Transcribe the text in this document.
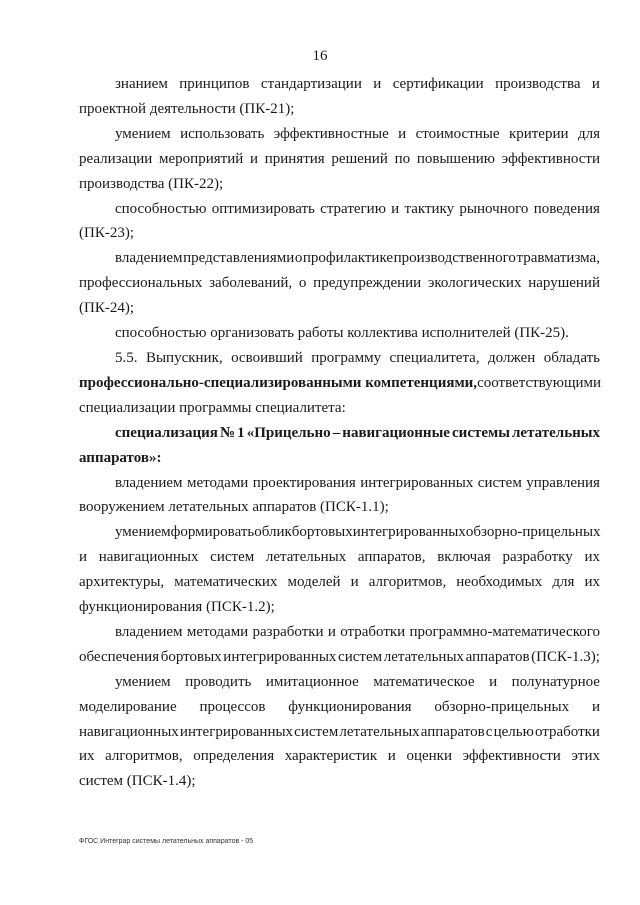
16

знанием принципов стандартизации и сертификации производства и

проектной деятельности (ПК-21);

умением использовать эффективностные и стоимостные критерии для

реализации мероприятий и принятия решений по повышению эффективности

производства (ПК-22);

способностью оптимизировать стратегию и тактику рыночного поведения

(ПК-23);

владением представлениями о профилактике производственного травматизма,

профессиональных заболеваний, о предупреждении экологических нарушений

(ПК-24);

способностью организовать работы коллектива исполнителей (ПК-25).

5.5. Выпускник, освоивший программу специалитета, должен обладать

профессионально-специализированными компетенциями, соответствующими

специализации программы специалитета:

специализация № 1 «Прицельно – навигационные системы летательных

аппаратов»:

владением методами проектирования интегрированных систем управления

вооружением летательных аппаратов (ПСК-1.1);

умением формировать облик бортовых интегрированных обзорно-прицельных

и навигационных систем летательных аппаратов, включая разработку их

архитектуры, математических моделей и алгоритмов, необходимых для их

функционирования (ПСК-1.2);

владением методами разработки и отработки программно-математического

обеспечения бортовых интегрированных систем летательных аппаратов (ПСК-1.3);

умением проводить имитационное математическое и полунатурное

моделирование процессов функционирования обзорно-прицельных и

навигационных интегрированных систем летательных аппаратов с целью отработки

их алгоритмов, определения характеристик и оценки эффективности этих

систем (ПСК-1.4);

ФГОС Интеграр системы летательных аппаратов - 05
